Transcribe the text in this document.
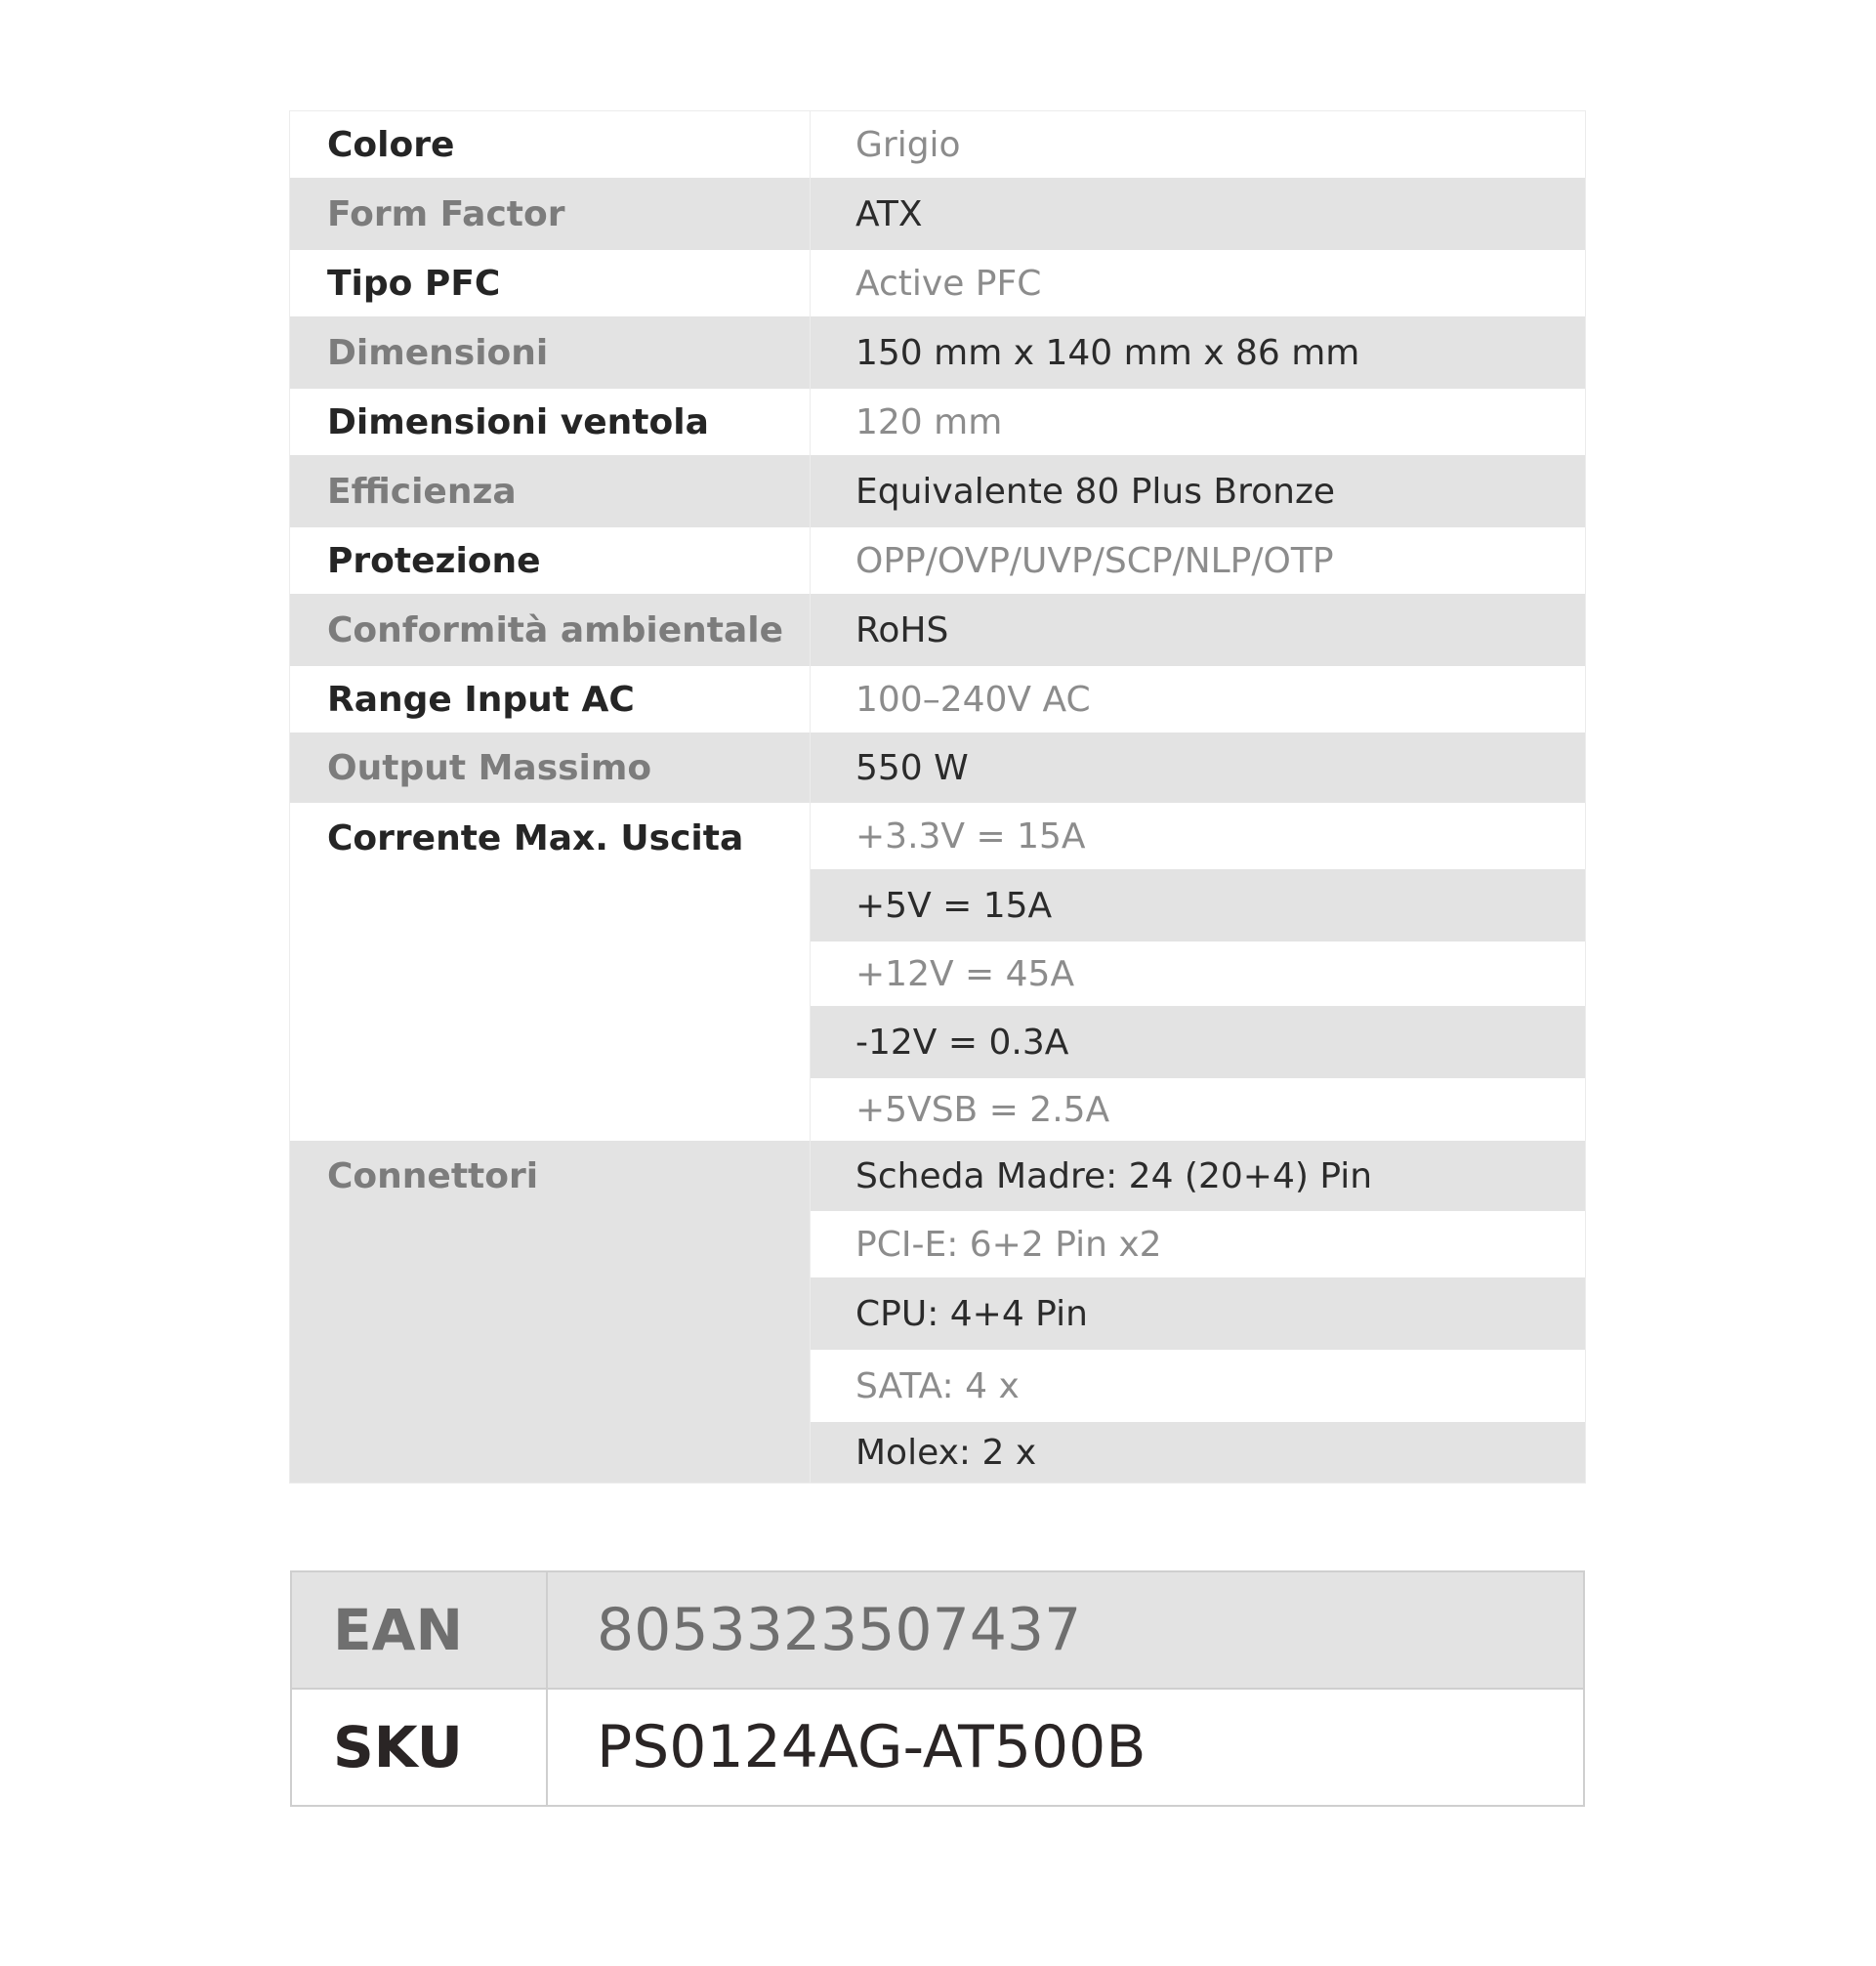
Colore	Grigio
Form Factor	ATX
Tipo PFC	Active PFC
Dimensioni	150 mm x 140 mm x 86 mm
Dimensioni ventola	120 mm
Efficienza	Equivalente 80 Plus Bronze
Protezione	OPP/OVP/UVP/SCP/NLP/OTP
Conformità ambientale	RoHS
Range Input AC	100–240V AC
Output Massimo	550 W
Corrente Max. Uscita	+3.3V = 15A
+5V = 15A
+12V = 45A
-12V = 0.3A
+5VSB = 2.5A
Connettori	Scheda Madre: 24 (20+4) Pin
PCI-E: 6+2 Pin x2
CPU: 4+4 Pin
SATA: 4 x
Molex: 2 x
EAN	8053323507437
SKU	PS0124AG-AT500B
